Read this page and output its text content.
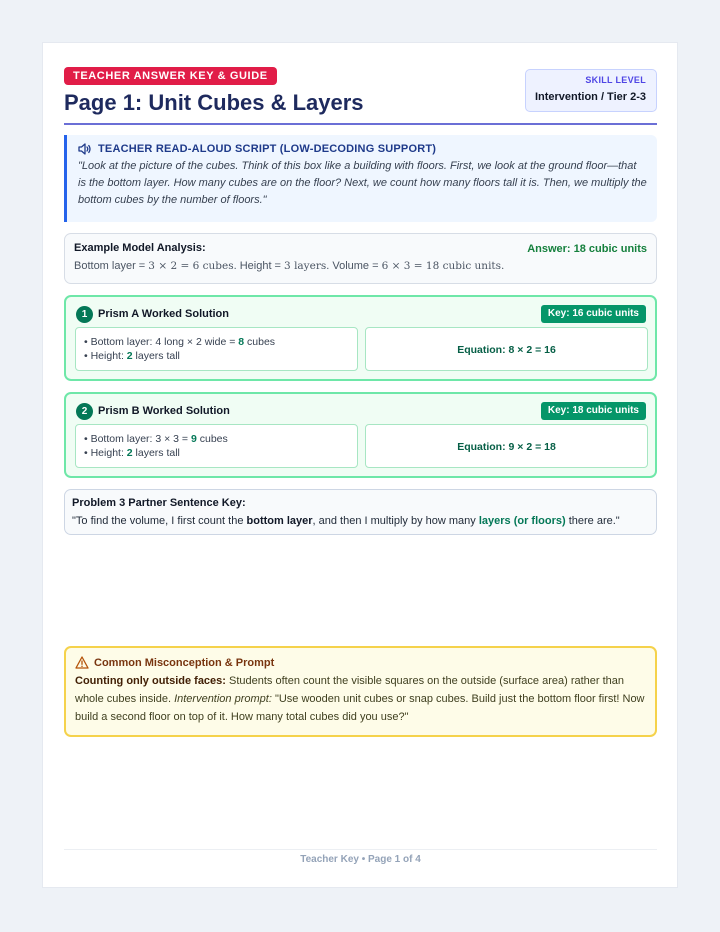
TEACHER ANSWER KEY & GUIDE
Page 1: Unit Cubes & Layers
SKILL LEVEL
Intervention / Tier 2-3
TEACHER READ-ALOUD SCRIPT (LOW-DECODING SUPPORT)
"Look at the picture of the cubes. Think of this box like a building with floors. First, we look at the ground floor—that is the bottom layer. How many cubes are on the floor? Next, we count how many floors tall it is. Then, we multiply the bottom cubes by the number of floors."
Example Model Analysis:	Answer: 18 cubic units
Bottom layer = 3 × 2 = 6 cubes. Height = 3 layers. Volume = 6 × 3 = 18 cubic units.
1 Prism A Worked Solution	Key: 16 cubic units
• Bottom layer: 4 long × 2 wide = 8 cubes
• Height: 2 layers tall	Equation: 8 × 2 = 16
2 Prism B Worked Solution	Key: 18 cubic units
• Bottom layer: 3 × 3 = 9 cubes
• Height: 2 layers tall	Equation: 9 × 2 = 18
Problem 3 Partner Sentence Key:
"To find the volume, I first count the bottom layer, and then I multiply by how many layers (or floors) there are."
Common Misconception & Prompt
Counting only outside faces: Students often count the visible squares on the outside (surface area) rather than whole cubes inside. Intervention prompt: "Use wooden unit cubes or snap cubes. Build just the bottom floor first! Now build a second floor on top of it. How many total cubes did you use?"
Teacher Key • Page 1 of 4
